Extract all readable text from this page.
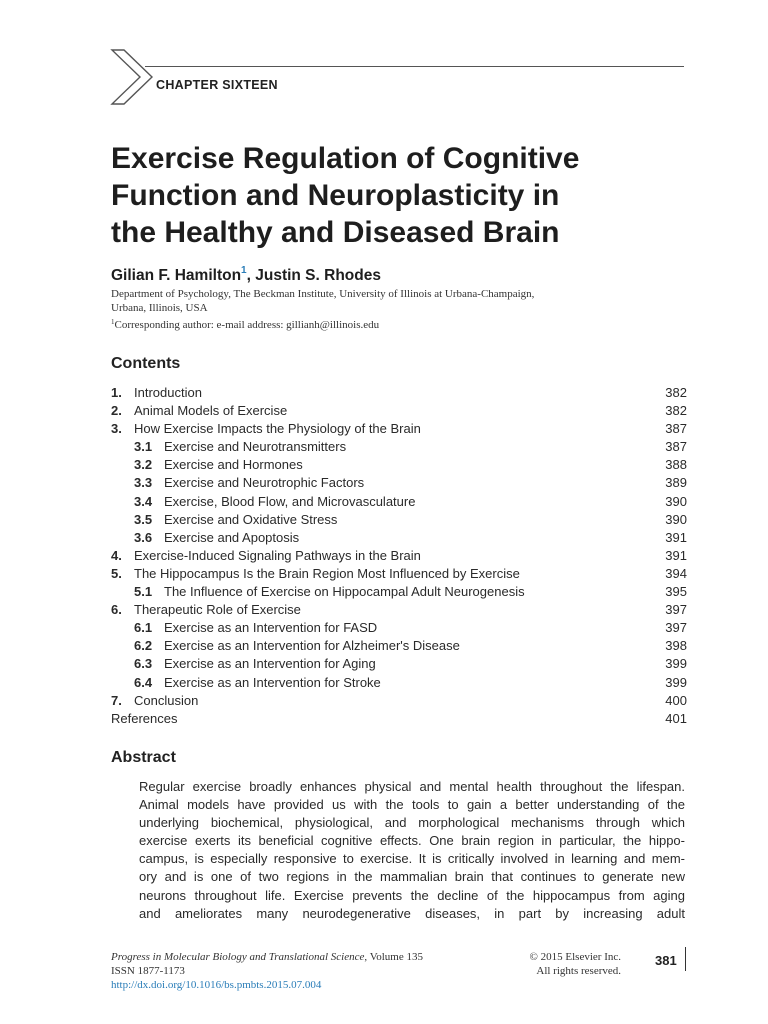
CHAPTER SIXTEEN
Exercise Regulation of Cognitive
Function and Neuroplasticity in
the Healthy and Diseased Brain
Gilian F. Hamilton$^1$, Justin S. Rhodes
Department of Psychology, The Beckman Institute, University of Illinois at Urbana-Champaign,
Urbana, Illinois, USA
$^1$Corresponding author: e-mail address: gillianh@illinois.edu
Contents
1. Introduction	382
2. Animal Models of Exercise	382
3. How Exercise Impacts the Physiology of the Brain	387
3.1 Exercise and Neurotransmitters	387
3.2 Exercise and Hormones	388
3.3 Exercise and Neurotrophic Factors	389
3.4 Exercise, Blood Flow, and Microvasculature	390
3.5 Exercise and Oxidative Stress	390
3.6 Exercise and Apoptosis	391
4. Exercise-Induced Signaling Pathways in the Brain	391
5. The Hippocampus Is the Brain Region Most Influenced by Exercise	394
5.1 The Influence of Exercise on Hippocampal Adult Neurogenesis	395
6. Therapeutic Role of Exercise	397
6.1 Exercise as an Intervention for FASD	397
6.2 Exercise as an Intervention for Alzheimer's Disease	398
6.3 Exercise as an Intervention for Aging	399
6.4 Exercise as an Intervention for Stroke	399
7. Conclusion	400
References	401
Abstract
Regular exercise broadly enhances physical and mental health throughout the lifespan.
Animal models have provided us with the tools to gain a better understanding of the
underlying biochemical, physiological, and morphological mechanisms through which
exercise exerts its beneficial cognitive effects. One brain region in particular, the hippo-
campus, is especially responsive to exercise. It is critically involved in learning and mem-
ory and is one of two regions in the mammalian brain that continues to generate new
neurons throughout life. Exercise prevents the decline of the hippocampus from aging
and ameliorates many neurodegenerative diseases, in part by increasing adult
Progress in Molecular Biology and Translational Science, Volume 135
ISSN 1877-1173
http://dx.doi.org/10.1016/bs.pmbts.2015.07.004
© 2015 Elsevier Inc.
All rights reserved.
381
